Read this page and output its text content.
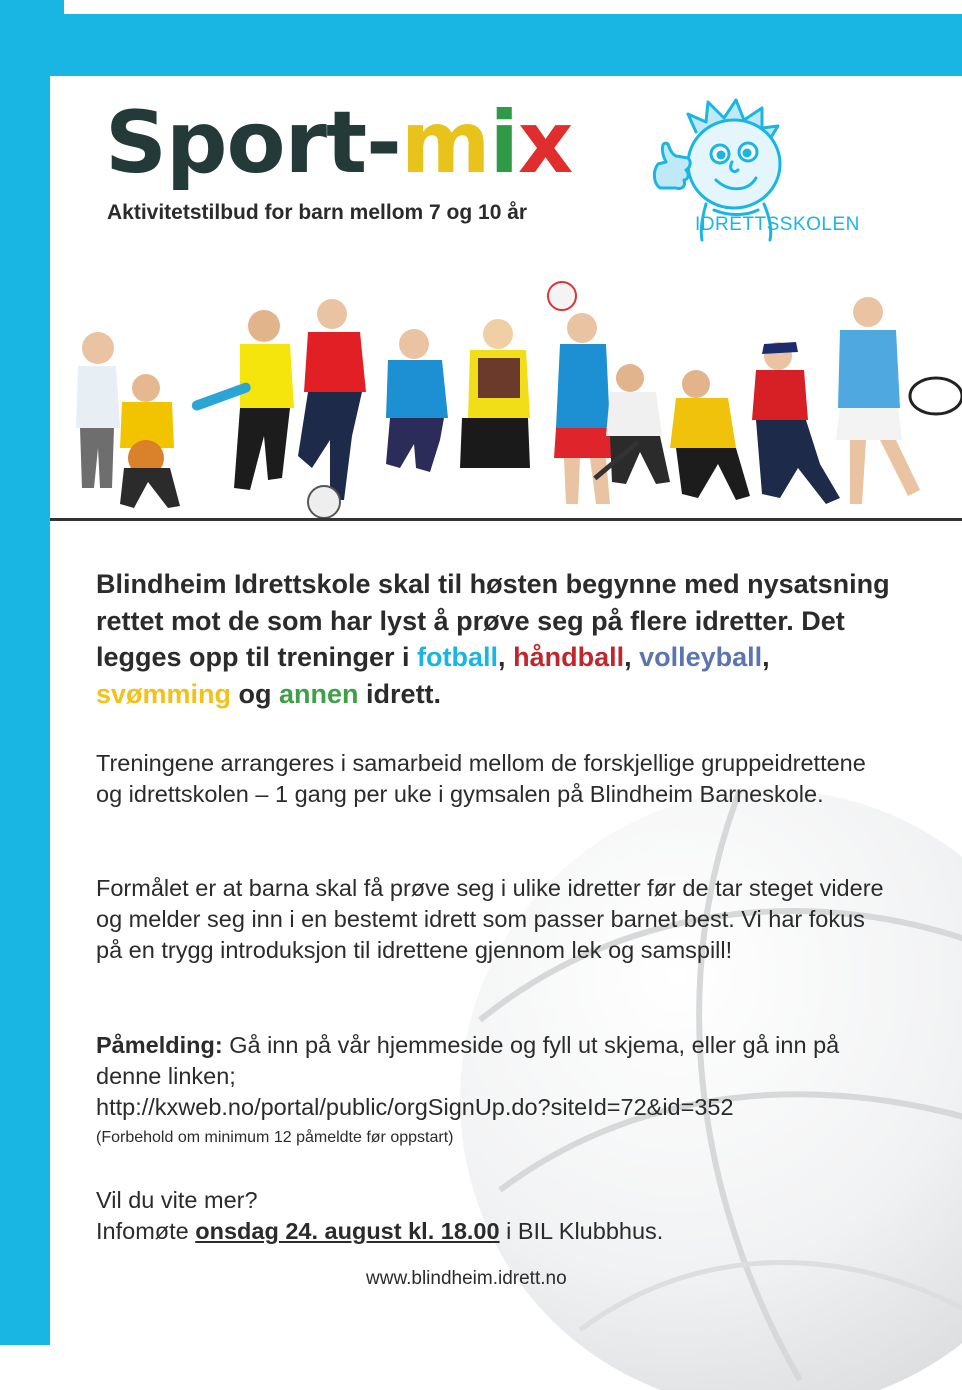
Sport-mix
Aktivitetstilbud for barn mellom 7 og 10 år
IDRETTSSKOLEN
Blindheim Idrettskole skal til høsten begynne med nysatsning rettet mot de som har lyst å prøve seg på flere idretter. Det legges opp til treninger i fotball, håndball, volleyball, svømming og annen idrett.
Treningene arrangeres i samarbeid mellom de forskjellige gruppeidrettene og idrettskolen – 1 gang per uke i gymsalen på Blindheim Barneskole.
Formålet er at barna skal få prøve seg i ulike idretter før de tar steget videre og melder seg inn i en bestemt idrett som passer barnet best. Vi har fokus på en trygg introduksjon til idrettene gjennom lek og samspill!
Påmelding: Gå inn på vår hjemmeside og fyll ut skjema, eller gå inn på denne linken;
http://kxweb.no/portal/public/orgSignUp.do?siteId=72&id=352
(Forbehold om minimum 12 påmeldte før oppstart)
Vil du vite mer?
Infomøte onsdag 24. august kl. 18.00 i BIL Klubbhus.
www.blindheim.idrett.no
